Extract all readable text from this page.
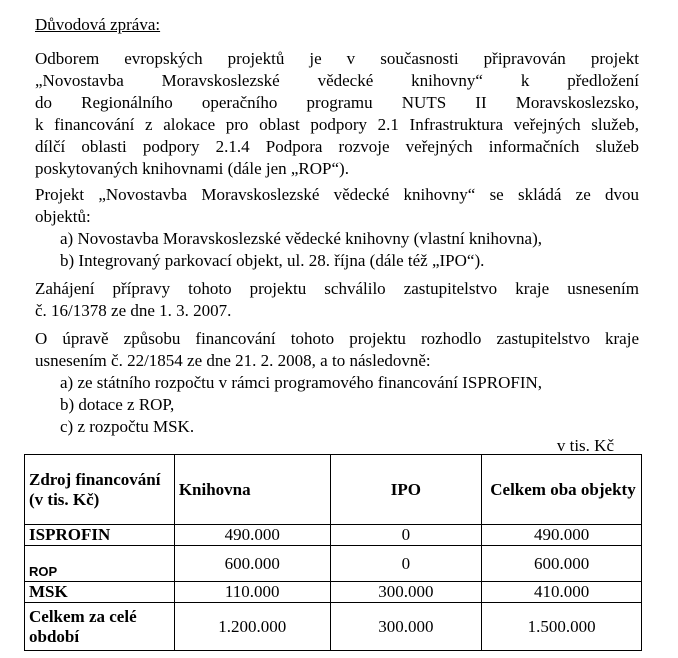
Důvodová zpráva:
Odborem evropských projektů je v současnosti připravován projekt
„Novostavba Moravskoslezské vědecké knihovny“ k předložení
do Regionálního operačního programu NUTS II Moravskoslezsko,
k financování z alokace pro oblast podpory 2.1 Infrastruktura veřejných služeb,
dílčí oblasti podpory 2.1.4 Podpora rozvoje veřejných informačních služeb
poskytovaných knihovnami (dále jen „ROP“).
Projekt „Novostavba Moravskoslezské vědecké knihovny“ se skládá ze dvou
objektů:
a) Novostavba Moravskoslezské vědecké knihovny (vlastní knihovna),
b) Integrovaný parkovací objekt, ul. 28. října (dále též „IPO“).
Zahájení přípravy tohoto projektu schválilo zastupitelstvo kraje usnesením
č. 16/1378 ze dne 1. 3. 2007.
O úpravě způsobu financování tohoto projektu rozhodlo zastupitelstvo kraje
usnesením č. 22/1854 ze dne 21. 2. 2008, a to následovně:
a) ze státního rozpočtu v rámci programového financování ISPROFIN,
b) dotace z ROP,
c) z rozpočtu MSK.
v tis. Kč
Zdroj financování (v tis. Kč)	Knihovna	IPO	Celkem oba objekty
ISPROFIN	490.000	0	490.000
ROP	600.000	0	600.000
MSK	110.000	300.000	410.000
Celkem za celé období	1.200.000	300.000	1.500.000
